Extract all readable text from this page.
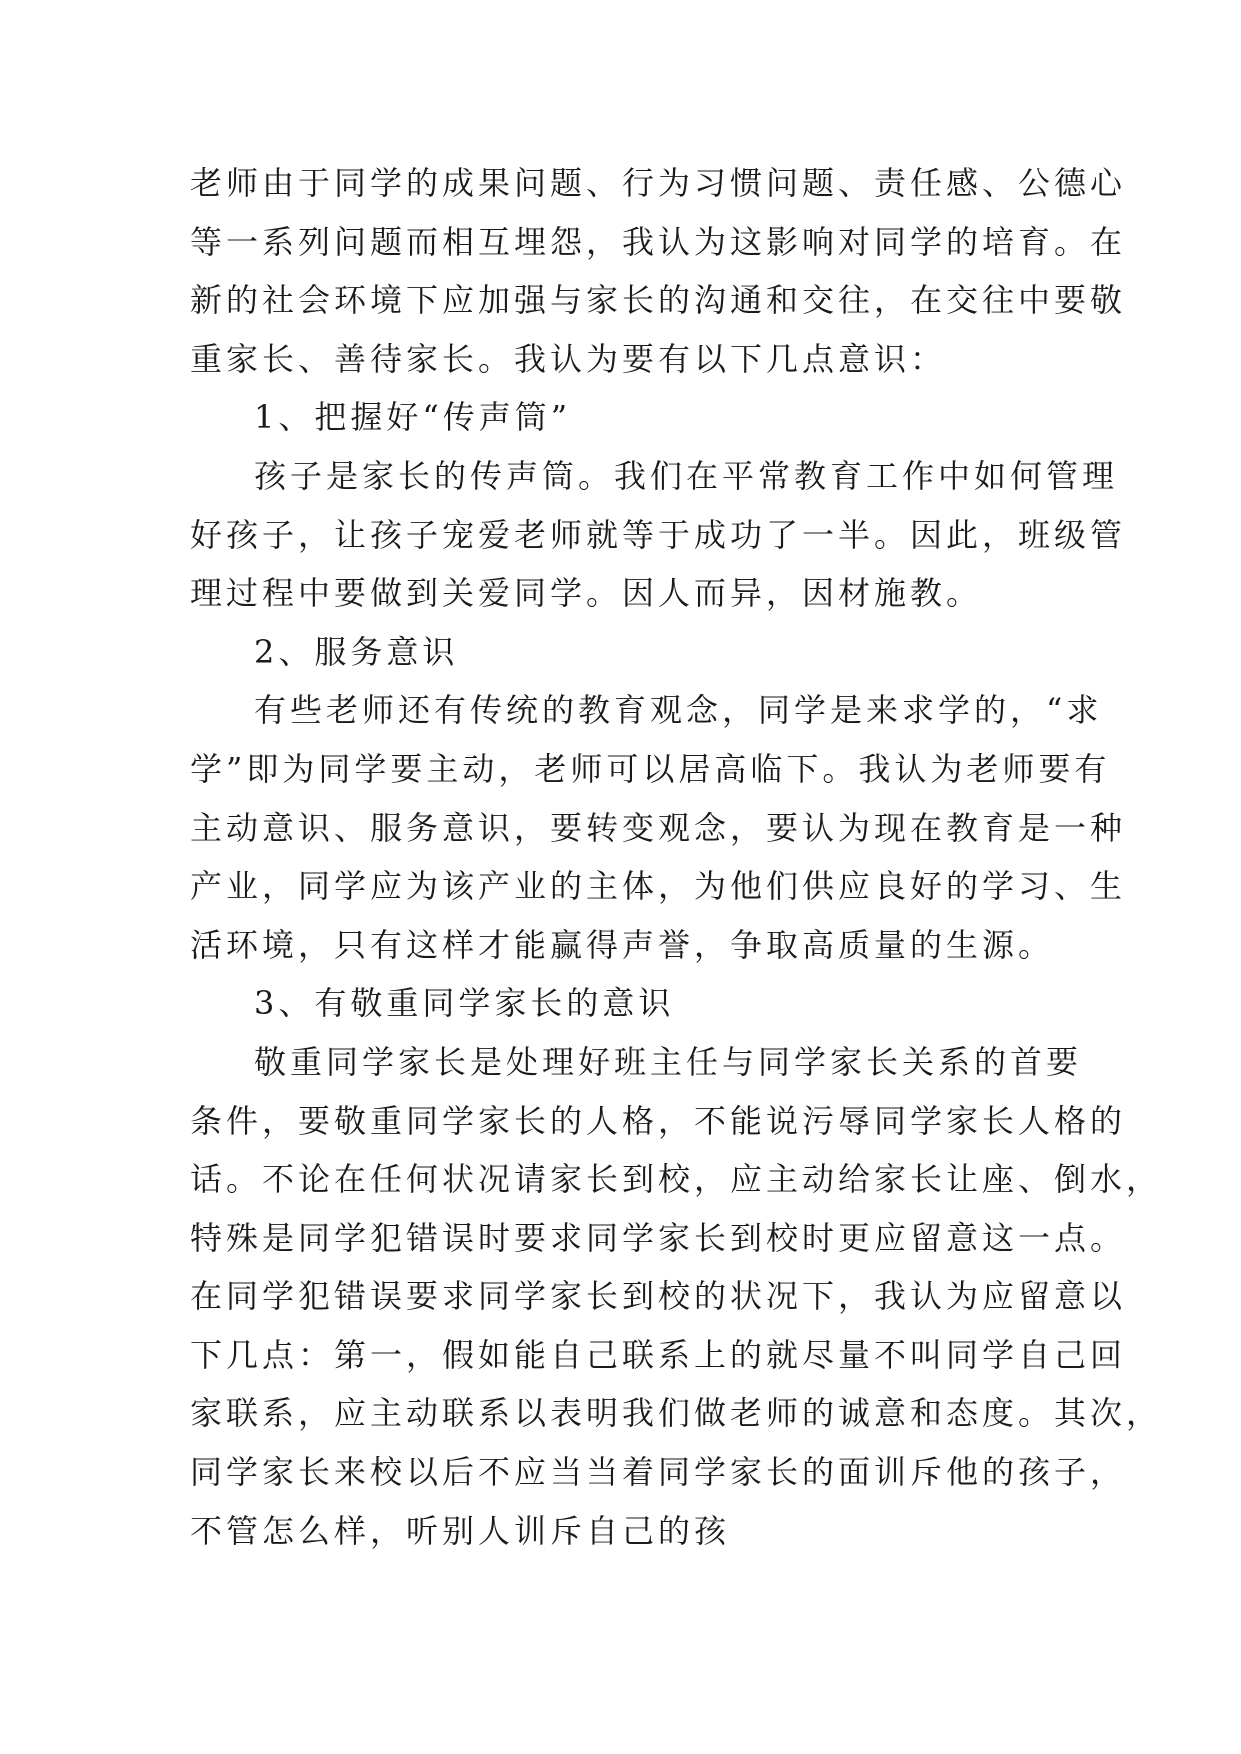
老师由于同学的成果问题、行为习惯问题、责任感、公德心
等一系列问题而相互埋怨，我认为这影响对同学的培育。在
新的社会环境下应加强与家长的沟通和交往，在交往中要敬
重家长、善待家长。我认为要有以下几点意识：
1、把握好“传声筒”
孩子是家长的传声筒。我们在平常教育工作中如何管理
好孩子，让孩子宠爱老师就等于成功了一半。因此，班级管
理过程中要做到关爱同学。因人而异，因材施教。
2、服务意识
有些老师还有传统的教育观念，同学是来求学的，“求
学”即为同学要主动，老师可以居高临下。我认为老师要有
主动意识、服务意识，要转变观念，要认为现在教育是一种
产业，同学应为该产业的主体，为他们供应良好的学习、生
活环境，只有这样才能赢得声誉，争取高质量的生源。
3、有敬重同学家长的意识
敬重同学家长是处理好班主任与同学家长关系的首要
条件，要敬重同学家长的人格，不能说污辱同学家长人格的
话。不论在任何状况请家长到校，应主动给家长让座、倒水，
特殊是同学犯错误时要求同学家长到校时更应留意这一点。
在同学犯错误要求同学家长到校的状况下，我认为应留意以
下几点：第一，假如能自己联系上的就尽量不叫同学自己回
家联系，应主动联系以表明我们做老师的诚意和态度。其次，
同学家长来校以后不应当当着同学家长的面训斥他的孩子，
不管怎么样，听别人训斥自己的孩
